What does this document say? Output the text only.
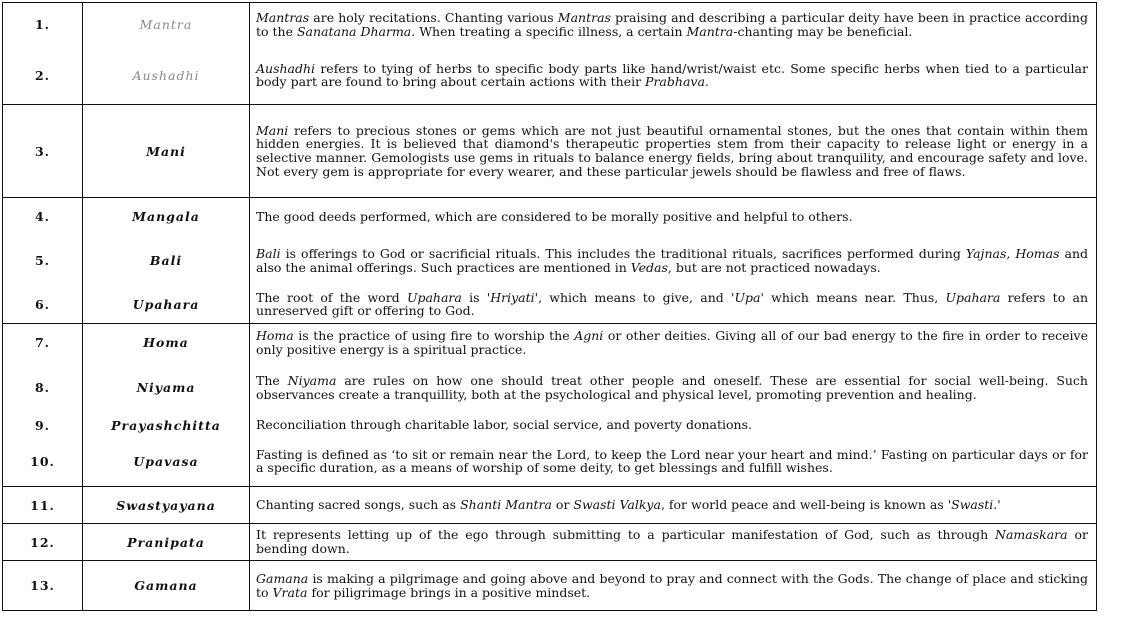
1.	Mantra	Mantras are holy recitations. Chanting various Mantras praising and describing a particular deity have been in practice according to the Sanatana Dharma. When treating a specific illness, a certain Mantra-chanting may be beneficial.
2.	Aushadhi	Aushadhi refers to tying of herbs to specific body parts like hand/wrist/waist etc. Some specific herbs when tied to a particular body part are found to bring about certain actions with their Prabhava.
3.	Mani	Mani refers to precious stones or gems which are not just beautiful ornamental stones, but the ones that contain within them hidden energies. It is believed that diamond's therapeutic properties stem from their capacity to release light or energy in a selective manner. Gemologists use gems in rituals to balance energy fields, bring about tranquility, and encourage safety and love. Not every gem is appropriate for every wearer, and these particular jewels should be flawless and free of flaws.
4.	Mangala	The good deeds performed, which are considered to be morally positive and helpful to others.
5.	Bali	Bali is offerings to God or sacrificial rituals. This includes the traditional rituals, sacrifices performed during Yajnas, Homas and also the animal offerings. Such practices are mentioned in Vedas, but are not practiced nowadays.
6.	Upahara	The root of the word Upahara is 'Hriyati', which means to give, and 'Upa' which means near. Thus, Upahara refers to an unreserved gift or offering to God.
7.	Homa	Homa is the practice of using fire to worship the Agni or other deities. Giving all of our bad energy to the fire in order to receive only positive energy is a spiritual practice.
8.	Niyama	The Niyama are rules on how one should treat other people and oneself. These are essential for social well-being. Such observances create a tranquillity, both at the psychological and physical level, promoting prevention and healing.
9.	Prayashchitta	Reconciliation through charitable labor, social service, and poverty donations.
10.	Upavasa	Fasting is defined as ‘to sit or remain near the Lord, to keep the Lord near your heart and mind.’ Fasting on particular days or for a specific duration, as a means of worship of some deity, to get blessings and fulfill wishes.
11.	Swastyayana	Chanting sacred songs, such as Shanti Mantra or Swasti Valkya, for world peace and well-being is known as 'Swasti.'
12.	Pranipata	It represents letting up of the ego through submitting to a particular manifestation of God, such as through Namaskara or bending down.
13.	Gamana	Gamana is making a pilgrimage and going above and beyond to pray and connect with the Gods. The change of place and sticking to Vrata for piligrimage brings in a positive mindset.
